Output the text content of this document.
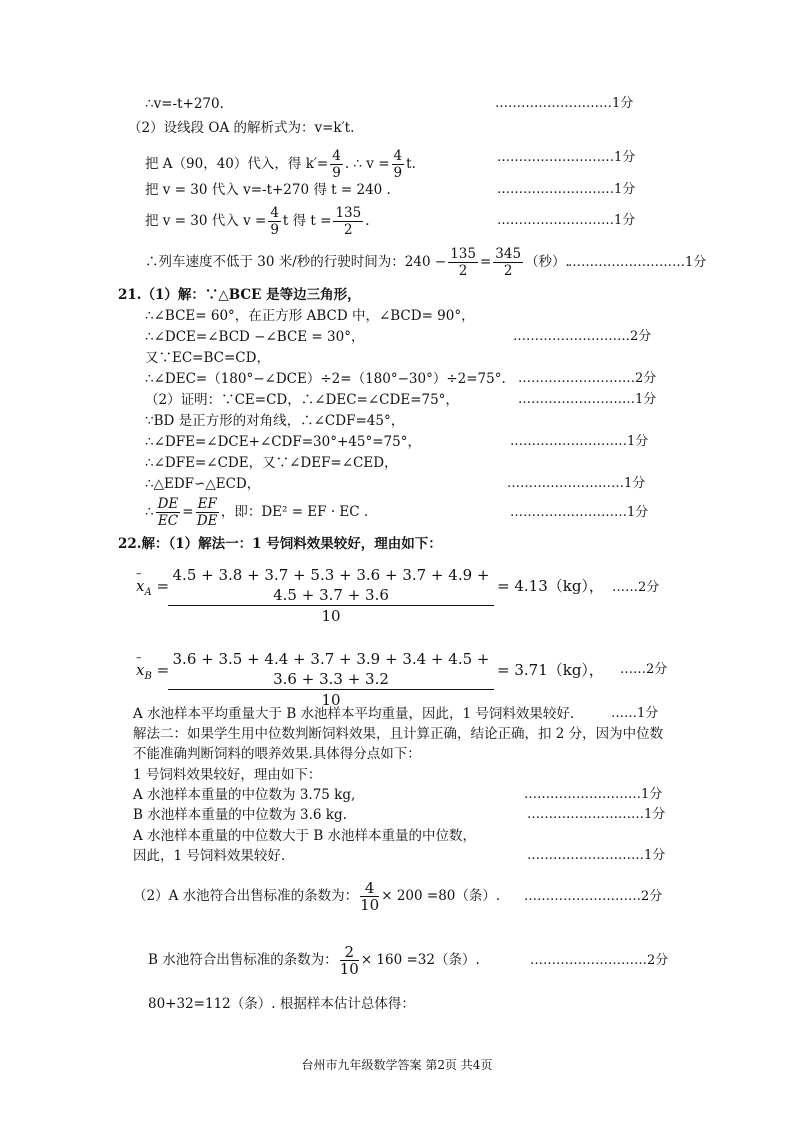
∴v=-t+270.	………………………1分
（2）设线段 OA 的解析式为：v=k′t.
把 A（90，40）代入，得 $k'= \frac{4}{9}$ . ∴ $v = \frac{4}{9} t$.	………………………1分
把 v = 30 代入 v=-t+270 得 t = 240 .	………………………1分
把 v = 30 代入 $v = \frac{4}{9}$ t 得 $t = \frac{135}{2}$ .	………………………1分
∴列车速度不低于 30 米/秒的行驶时间为：$240 - \frac{135}{2} = \frac{345}{2}$ （秒）.
………………………1分
21.（1）解：∵△BCE 是等边三角形，
∴∠BCE= 60°，在正方形 ABCD 中，∠BCD= 90°，
∴∠DCE=∠BCD −∠BCE = 30°，	………………………2分
又∵EC=BC=CD，
∴∠DEC=（180°−∠DCE）÷2=（180°−30°）÷2=75°. ………………………2分
（2）证明：∵CE=CD，∴∠DEC=∠CDE=75°，	………………………1分
∵BD 是正方形的对角线，∴∠CDF=45°，
∴∠DFE=∠DCE+∠CDF=30°+45°=75°，	………………………1分
∴∠DFE=∠CDE，又∵∠DEF=∠CED，
∴△EDF∽△ECD，	………………………1分
∴ $\frac{DE}{EC} = \frac{EF}{DE}$ ，即：DE² = EF · EC .	………………………1分
22.解：（1）解法一：1 号饲料效果较好，理由如下：
– $x_A$ =
$\frac{4.5 + 3.8 + 3.7 + 5.3 + 3.6 + 3.7 + 4.9 + 4.5 + 3.7 + 3.6}{10} = 4.13(kg)$， ……2分
– $x_B$ =
$\frac{3.6 + 3.5 + 4.4 + 3.7 + 3.9 + 3.4 + 4.5 + 3.6 + 3.3 + 3.2}{10} = 3.71(kg)$， ……2分
A 水池样本平均重量大于 B 水池样本平均重量，因此，1 号饲料效果较好.	……1分
解法二：如果学生用中位数判断饲料效果，且计算正确，结论正确，扣 2 分，因为中位数
不能准确判断饲料的喂养效果.具体得分点如下：
1 号饲料效果较好，理由如下：
A 水池样本重量的中位数为 3.75 kg,	………………………1分
B 水池样本重量的中位数为 3.6 kg.	………………………1分
A 水池样本重量的中位数大于 B 水池样本重量的中位数，
因此，1 号饲料效果较好.	………………………1分
（2）A 水池符合出售标准的条数为： $\frac{4}{10} \times 200 =80$（条）. ………………………2分
B 水池符合出售标准的条数为： $\frac{2}{10} \times 160 =32$（条）.	………………………2分
80+32=112（条）. 根据样本估计总体得：
台州市九年级数学答案 第2页 共4页
